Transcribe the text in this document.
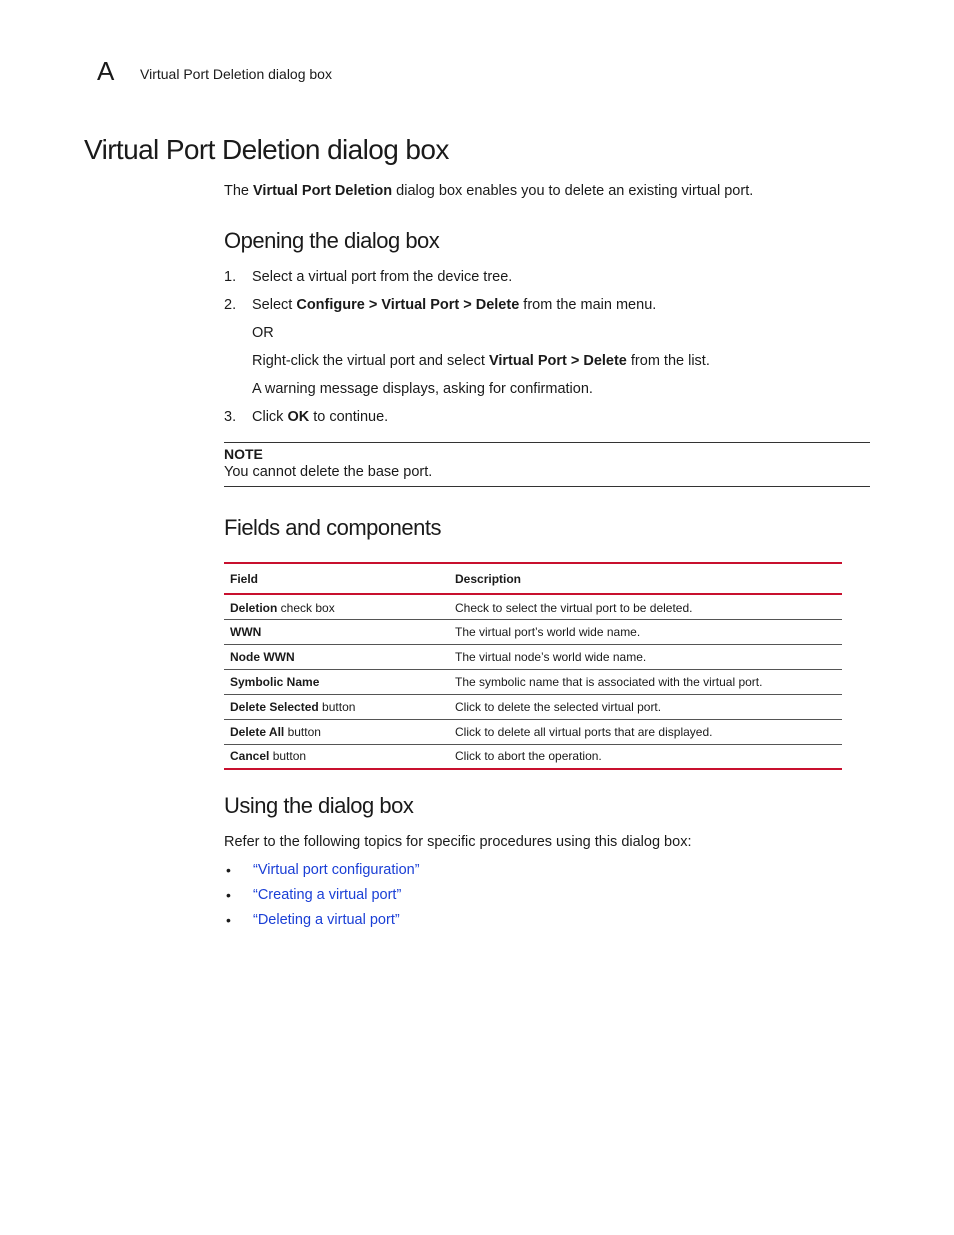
A Virtual Port Deletion dialog box
Virtual Port Deletion dialog box
The Virtual Port Deletion dialog box enables you to delete an existing virtual port.
Opening the dialog box
1. Select a virtual port from the device tree.
2. Select Configure > Virtual Port > Delete from the main menu.
OR
Right-click the virtual port and select Virtual Port > Delete from the list.
A warning message displays, asking for confirmation.
3. Click OK to continue.
NOTE
You cannot delete the base port.
Fields and components
Field	Description
Deletion check box	Check to select the virtual port to be deleted.
WWN	The virtual port’s world wide name.
Node WWN	The virtual node’s world wide name.
Symbolic Name	The symbolic name that is associated with the virtual port.
Delete Selected button	Click to delete the selected virtual port.
Delete All button	Click to delete all virtual ports that are displayed.
Cancel button	Click to abort the operation.
Using the dialog box
Refer to the following topics for specific procedures using this dialog box:
• “Virtual port configuration”
• “Creating a virtual port”
• “Deleting a virtual port”
